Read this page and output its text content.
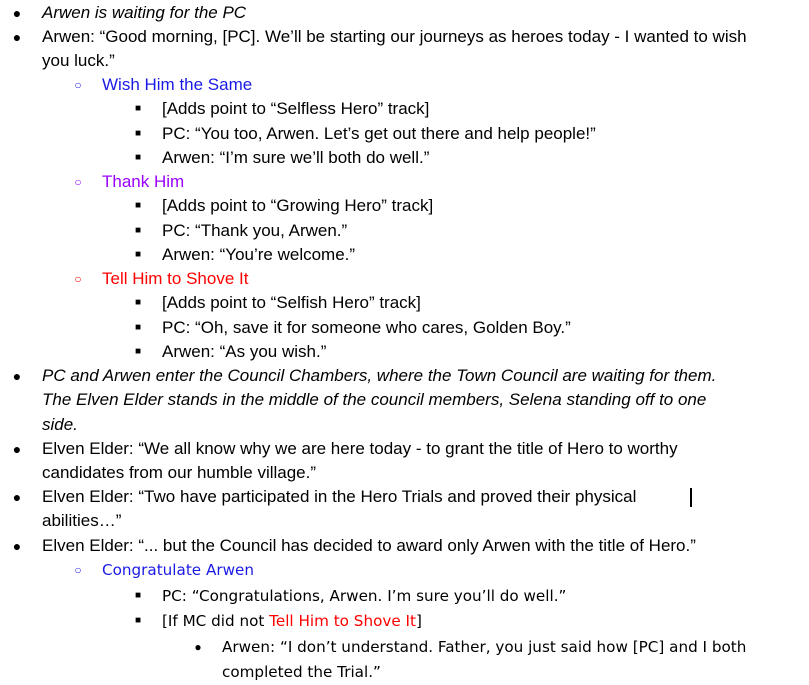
● Arwen is waiting for the PC
● Arwen: “Good morning, [PC]. We’ll be starting our journeys as heroes today - I wanted to wish you luck.”
○ Wish Him the Same
■ [Adds point to “Selfless Hero” track]
■ PC: “You too, Arwen. Let’s get out there and help people!”
■ Arwen: “I’m sure we’ll both do well.”
○ Thank Him
■ [Adds point to “Growing Hero” track]
■ PC: “Thank you, Arwen.”
■ Arwen: “You’re welcome.”
○ Tell Him to Shove It
■ [Adds point to “Selfish Hero” track]
■ PC: “Oh, save it for someone who cares, Golden Boy.”
■ Arwen: “As you wish.”
● PC and Arwen enter the Council Chambers, where the Town Council are waiting for them. The Elven Elder stands in the middle of the council members, Selena standing off to one side.
● Elven Elder: “We all know why we are here today - to grant the title of Hero to worthy candidates from our humble village.”
● Elven Elder: “Two have participated in the Hero Trials and proved their physical abilities…”
● Elven Elder: “... but the Council has decided to award only Arwen with the title of Hero.”
○ Congratulate Arwen
■	PC: “Congratulations, Arwen. I’m sure you’ll do well.”
■	[If MC did not Tell Him to Shove It]
● Arwen: “I don’t understand. Father, you just said how [PC] and I both completed the Trial.”
